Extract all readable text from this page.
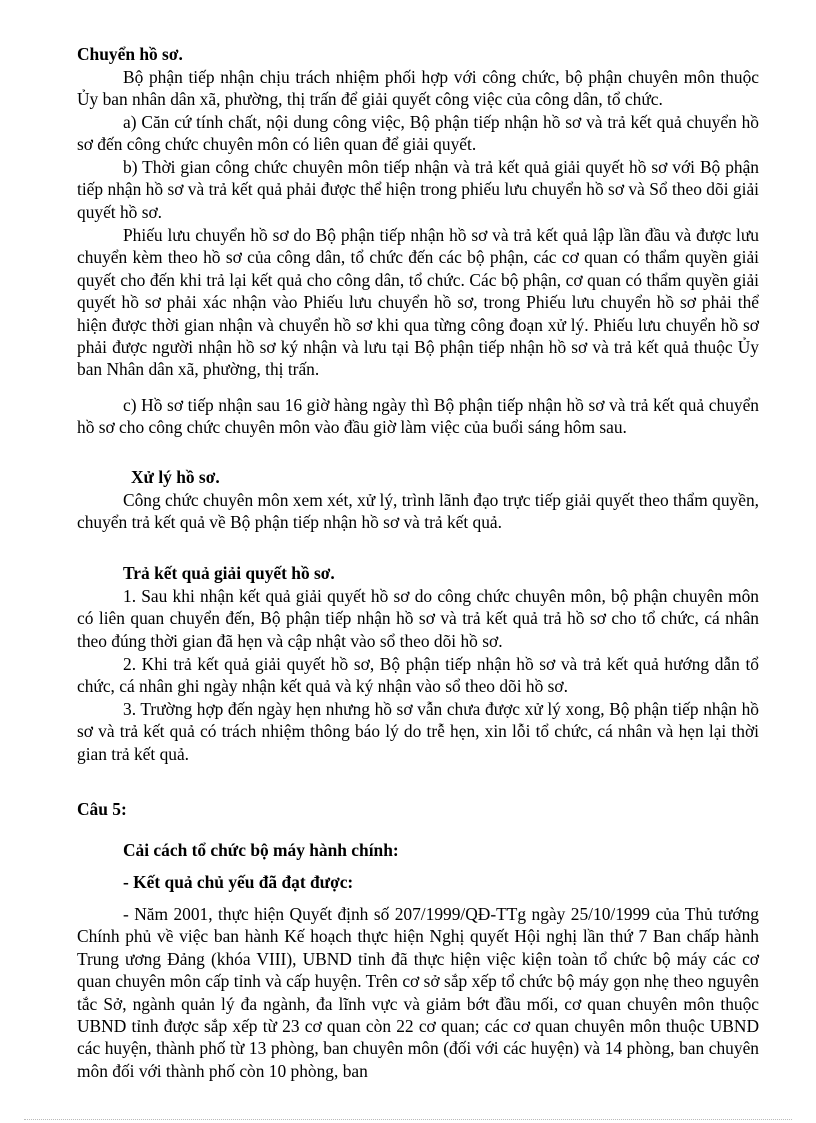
Chuyển hồ sơ.

Bộ phận tiếp nhận chịu trách nhiệm phối hợp với công chức, bộ phận chuyên môn thuộc Ủy ban nhân dân xã, phường, thị trấn để giải quyết công việc của công dân, tổ chức.

a) Căn cứ tính chất, nội dung công việc, Bộ phận tiếp nhận hồ sơ và trả kết quả chuyển hồ sơ đến công chức chuyên môn có liên quan để giải quyết.

b) Thời gian công chức chuyên môn tiếp nhận và trả kết quả giải quyết hồ sơ với Bộ phận tiếp nhận hồ sơ và trả kết quả phải được thể hiện trong phiếu lưu chuyển hồ sơ và Sổ theo dõi giải quyết hồ sơ.

Phiếu lưu chuyển hồ sơ do Bộ phận tiếp nhận hồ sơ và trả kết quả lập lần đầu và được lưu chuyển kèm theo hồ sơ của công dân, tổ chức đến các bộ phận, các cơ quan có thẩm quyền giải quyết cho đến khi trả lại kết quả cho công dân, tổ chức. Các bộ phận, cơ quan có thẩm quyền giải quyết hồ sơ phải xác nhận vào Phiếu lưu chuyển hồ sơ, trong Phiếu lưu chuyển hồ sơ phải thể hiện được thời gian nhận và chuyển hồ sơ khi qua từng công đoạn xử lý. Phiếu lưu chuyển hồ sơ phải được người nhận hồ sơ ký nhận và lưu tại Bộ phận tiếp nhận hồ sơ và trả kết quả thuộc Ủy ban Nhân dân xã, phường, thị trấn.

c) Hồ sơ tiếp nhận sau 16 giờ hàng ngày thì Bộ phận tiếp nhận hồ sơ và trả kết quả chuyển hồ sơ cho công chức chuyên môn vào đầu giờ làm việc của buổi sáng hôm sau.

Xử lý hồ sơ.

Công chức chuyên môn xem xét, xử lý, trình lãnh đạo trực tiếp giải quyết theo thẩm quyền, chuyển trả kết quả về Bộ phận tiếp nhận hồ sơ và trả kết quả.

Trả kết quả giải quyết hồ sơ.

1. Sau khi nhận kết quả giải quyết hồ sơ do công chức chuyên môn, bộ phận chuyên môn có liên quan chuyển đến, Bộ phận tiếp nhận hồ sơ và trả kết quả trả hồ sơ cho tổ chức, cá nhân theo đúng thời gian đã hẹn và cập nhật vào sổ theo dõi hồ sơ.

2. Khi trả kết quả giải quyết hồ sơ, Bộ phận tiếp nhận hồ sơ và trả kết quả hướng dẫn tổ chức, cá nhân ghi ngày nhận kết quả và ký nhận vào sổ theo dõi hồ sơ.

3. Trường hợp đến ngày hẹn nhưng hồ sơ vẫn chưa được xử lý xong, Bộ phận tiếp nhận hồ sơ và trả kết quả có trách nhiệm thông báo lý do trễ hẹn, xin lỗi tổ chức, cá nhân và hẹn lại thời gian trả kết quả.

Câu 5:

Cải cách tổ chức bộ máy hành chính:

- Kết quả chủ yếu đã đạt được:

- Năm 2001, thực hiện Quyết định số 207/1999/QĐ-TTg ngày 25/10/1999 của Thủ tướng Chính phủ về việc ban hành Kế hoạch thực hiện Nghị quyết Hội nghị lần thứ 7 Ban chấp hành Trung ương Đảng (khóa VIII), UBND tỉnh đã thực hiện việc kiện toàn tổ chức bộ máy các cơ quan chuyên môn cấp tỉnh và cấp huyện. Trên cơ sở sắp xếp tổ chức bộ máy gọn nhẹ theo nguyên tắc Sở, ngành quản lý đa ngành, đa lĩnh vực và giảm bớt đầu mối, cơ quan chuyên môn thuộc UBND tỉnh được sắp xếp từ 23 cơ quan còn 22 cơ quan; các cơ quan chuyên môn thuộc UBND các huyện, thành phố từ 13 phòng, ban chuyên môn (đối với các huyện) và 14 phòng, ban chuyên môn đối với thành phố còn 10 phòng, ban
